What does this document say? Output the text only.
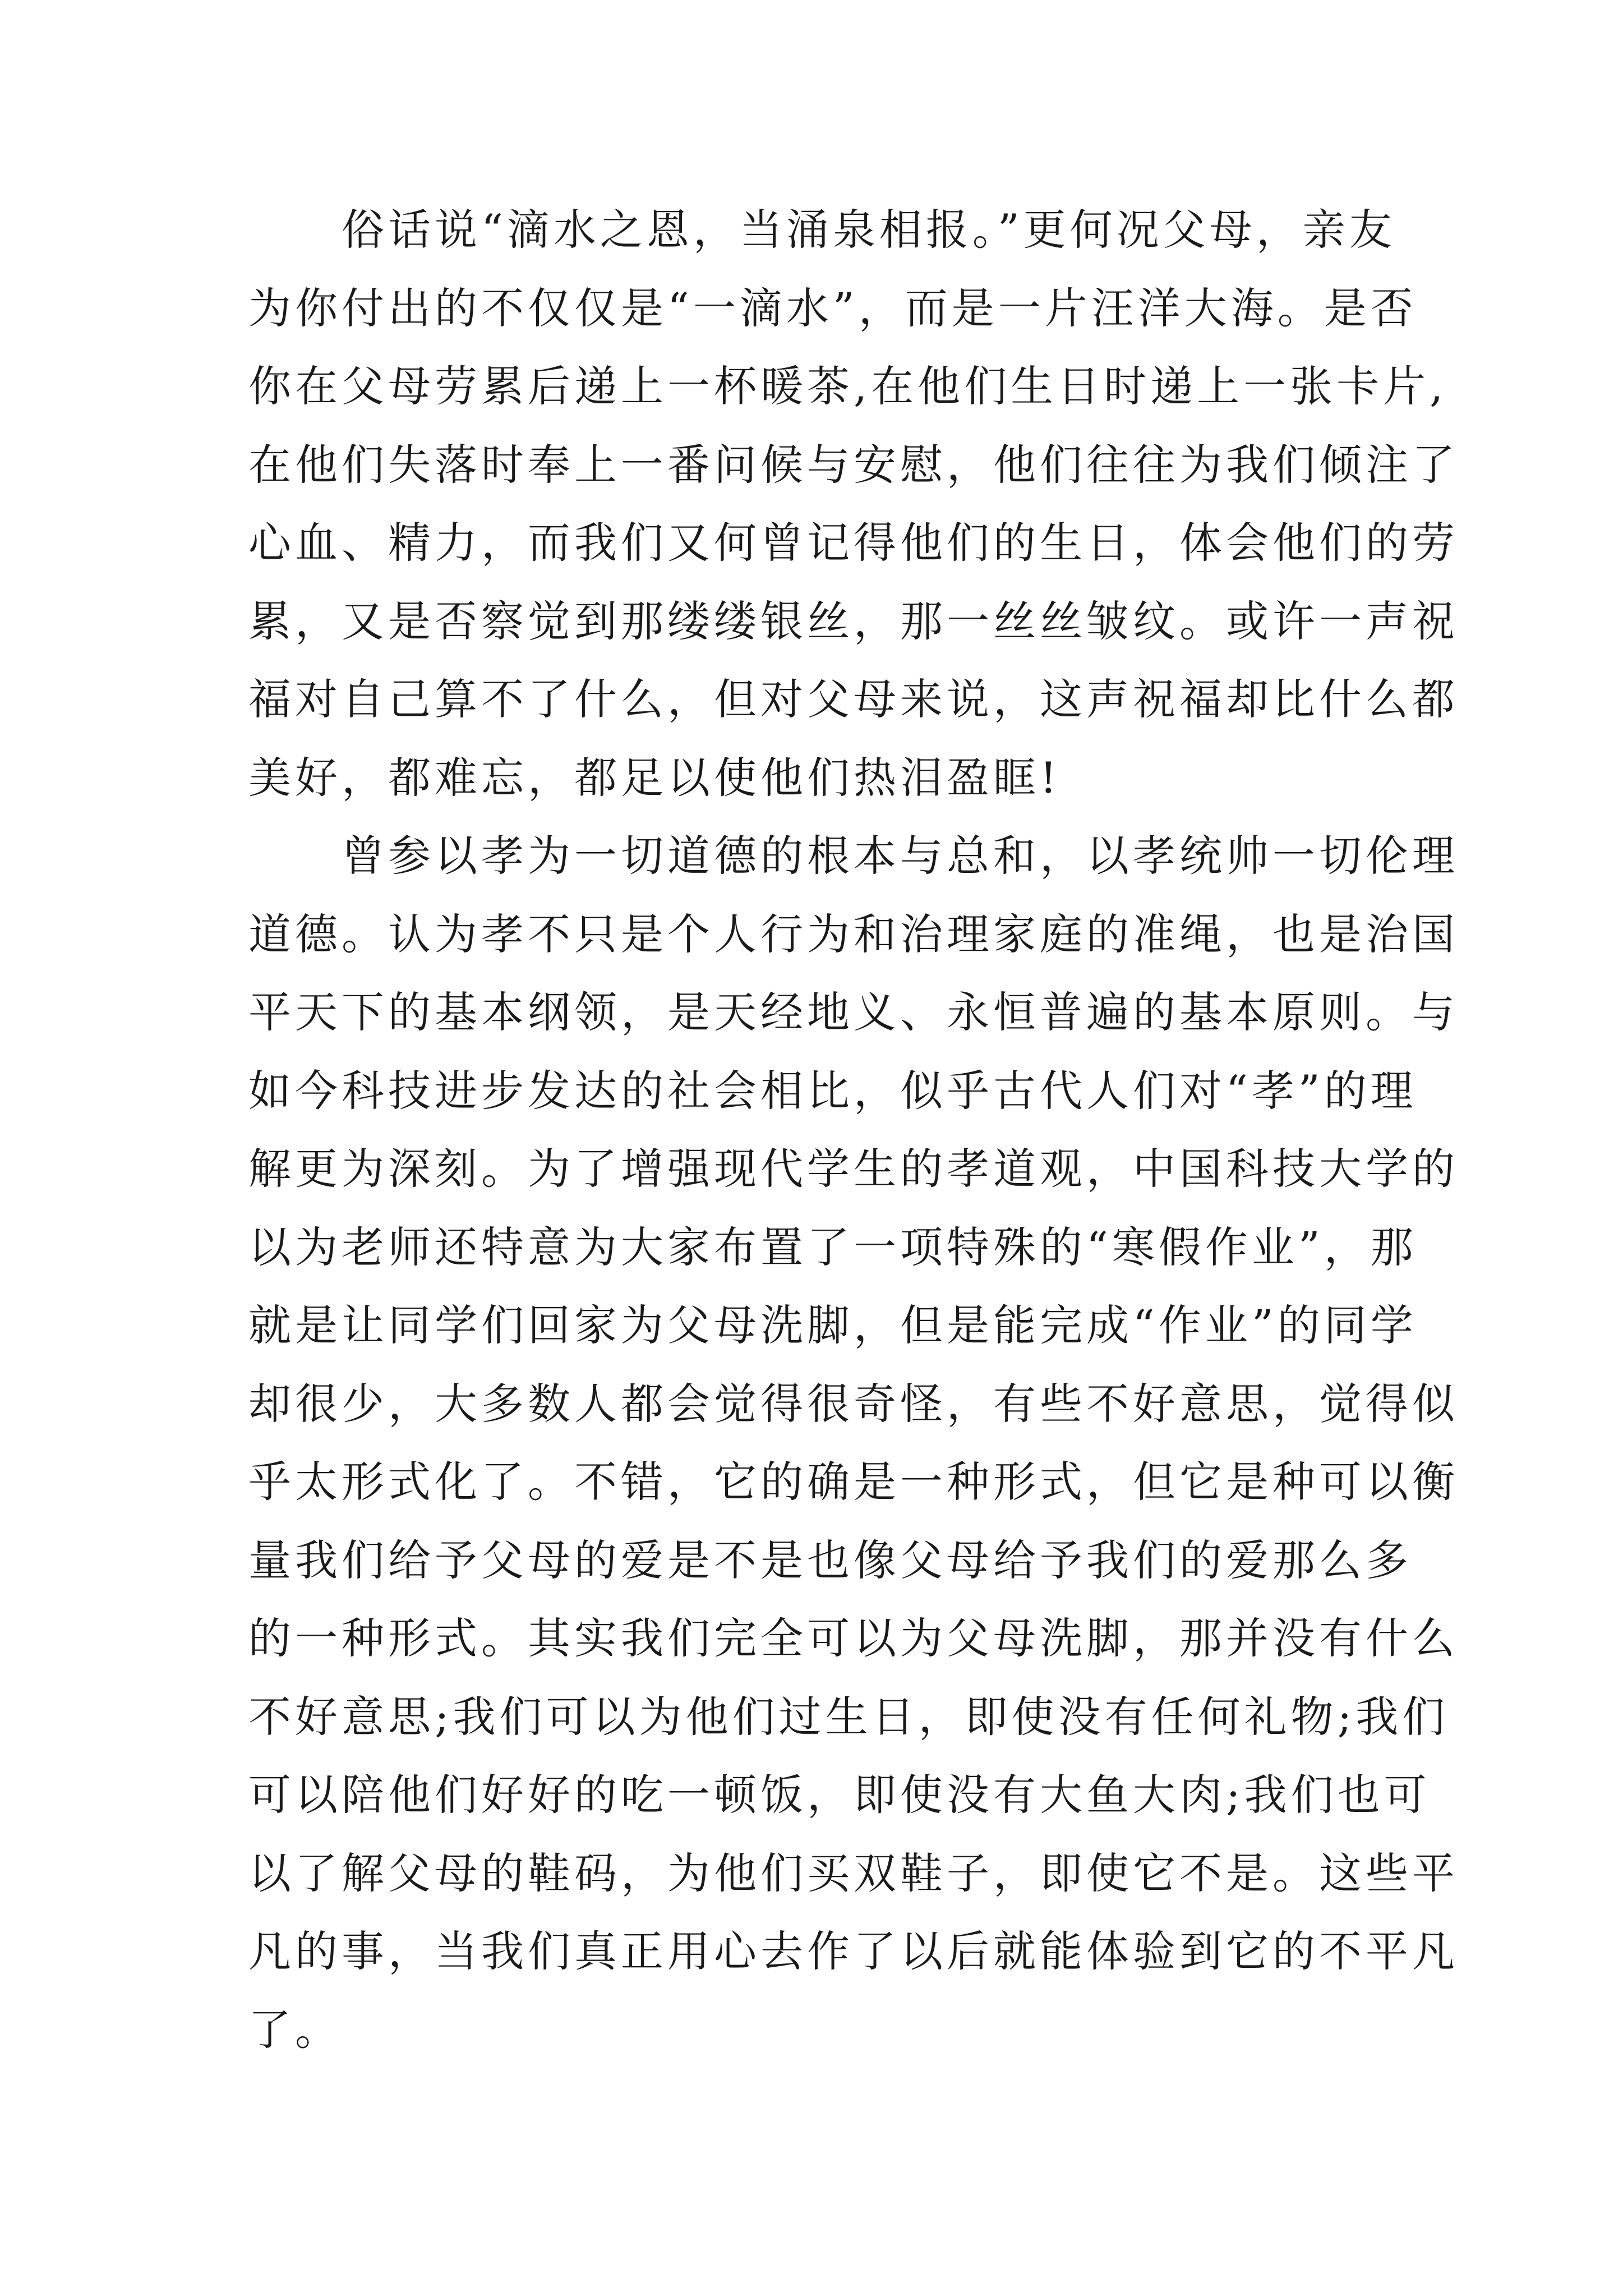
俗话说“滴水之恩，当涌泉相报。”更何况父母，亲友
为你付出的不仅仅是“一滴水”，而是一片汪洋大海。是否
你在父母劳累后递上一杯暖茶,在他们生日时递上一张卡片,
在他们失落时奉上一番问候与安慰，他们往往为我们倾注了
心血、精力，而我们又何曾记得他们的生日，体会他们的劳
累，又是否察觉到那缕缕银丝，那一丝丝皱纹。或许一声祝
福对自己算不了什么，但对父母来说，这声祝福却比什么都
美好，都难忘，都足以使他们热泪盈眶!
曾参以孝为一切道德的根本与总和，以孝统帅一切伦理
道德。认为孝不只是个人行为和治理家庭的准绳，也是治国
平天下的基本纲领，是天经地义、永恒普遍的基本原则。与
如今科技进步发达的社会相比，似乎古代人们对“孝”的理
解更为深刻。为了增强现代学生的孝道观，中国科技大学的
以为老师还特意为大家布置了一项特殊的“寒假作业”，那
就是让同学们回家为父母洗脚，但是能完成“作业”的同学
却很少，大多数人都会觉得很奇怪，有些不好意思，觉得似
乎太形式化了。不错，它的确是一种形式，但它是种可以衡
量我们给予父母的爱是不是也像父母给予我们的爱那么多
的一种形式。其实我们完全可以为父母洗脚，那并没有什么
不好意思;我们可以为他们过生日，即使没有任何礼物;我们
可以陪他们好好的吃一顿饭，即使没有大鱼大肉;我们也可
以了解父母的鞋码，为他们买双鞋子，即使它不是。这些平
凡的事，当我们真正用心去作了以后就能体验到它的不平凡
了。
